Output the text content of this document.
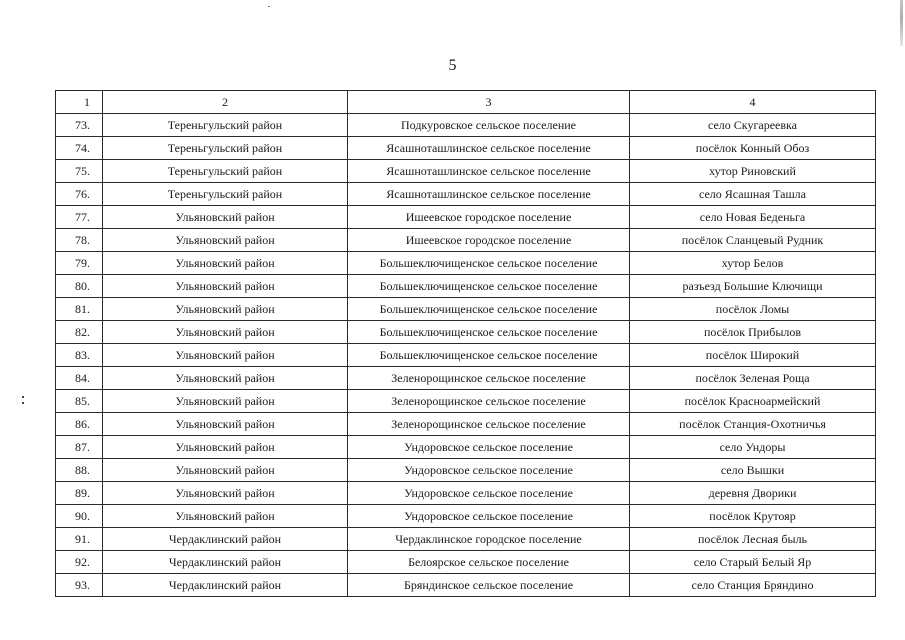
5
1	2	3	4
73.	Тереньгульский район	Подкуровское сельское поселение	село Скугареевка
74.	Тереньгульский район	Ясашноташлинское сельское поселение	посёлок Конный Обоз
75.	Тереньгульский район	Ясашноташлинское сельское поселение	хутор Риновский
76.	Тереньгульский район	Ясашноташлинское сельское поселение	село Ясашная Ташла
77.	Ульяновский район	Ишеевское городское поселение	село Новая Беденьга
78.	Ульяновский район	Ишеевское городское поселение	посёлок Сланцевый Рудник
79.	Ульяновский район	Большеключищенское сельское поселение	хутор Белов
80.	Ульяновский район	Большеключищенское сельское поселение	разъезд Большие Ключищи
81.	Ульяновский район	Большеключищенское сельское поселение	посёлок Ломы
82.	Ульяновский район	Большеключищенское сельское поселение	посёлок Прибылов
83.	Ульяновский район	Большеключищенское сельское поселение	посёлок Широкий
84.	Ульяновский район	Зеленорощинское сельское поселение	посёлок Зеленая Роща
85.	Ульяновский район	Зеленорощинское сельское поселение	посёлок Красноармейский
86.	Ульяновский район	Зеленорощинское сельское поселение	посёлок Станция-Охотничья
87.	Ульяновский район	Ундоровское сельское поселение	село Ундоры
88.	Ульяновский район	Ундоровское сельское поселение	село Вышки
89.	Ульяновский район	Ундоровское сельское поселение	деревня Дворики
90.	Ульяновский район	Ундоровское сельское поселение	посёлок Крутояр
91.	Чердаклинский район	Чердаклинское городское поселение	посёлок Лесная быль
92.	Чердаклинский район	Белоярское сельское поселение	село Старый Белый Яр
93.	Чердаклинский район	Бряндинское сельское поселение	село Станция Бряндино
